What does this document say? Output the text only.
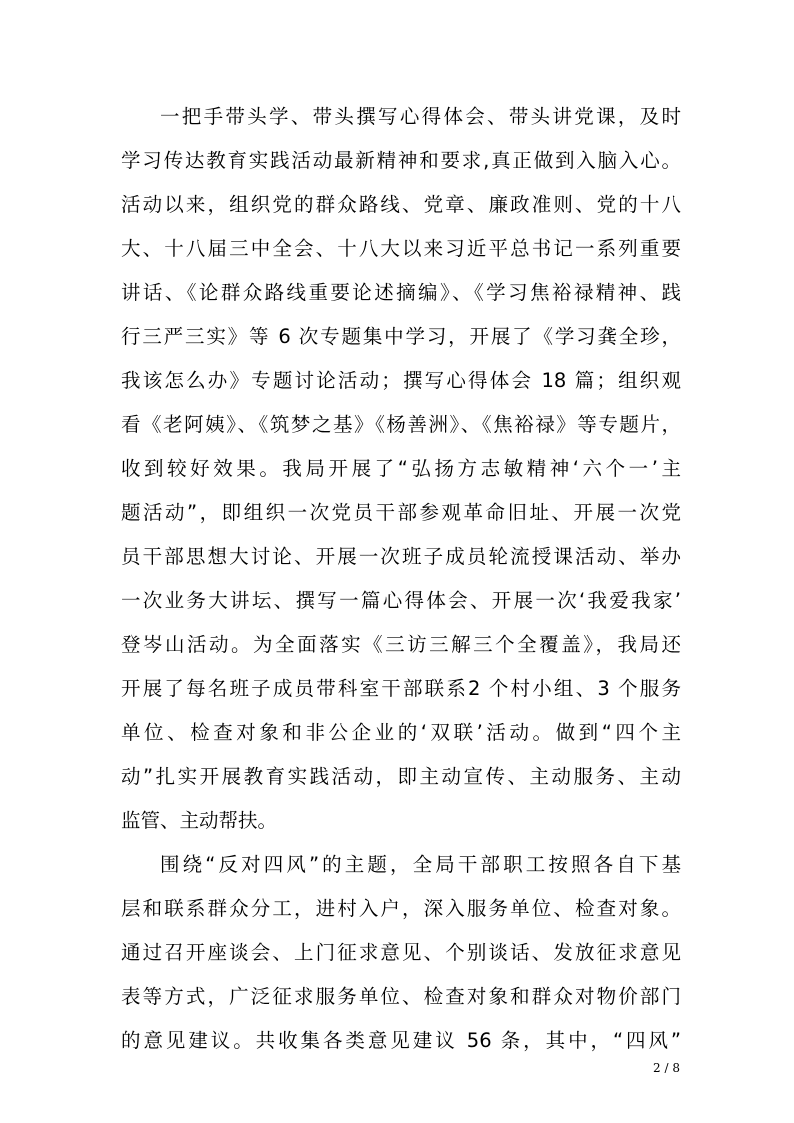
一把手带头学、带头撰写心得体会、带头讲党课，及时
学习传达教育实践活动最新精神和要求,真正做到入脑入心。
活动以来，组织党的群众路线、党章、廉政准则、党的十八
大、十八届三中全会、十八大以来习近平总书记一系列重要
讲话、《论群众路线重要论述摘编》、《学习焦裕禄精神、践
行三严三实》等 6 次专题集中学习，开展了《学习龚全珍，
我该怎么办》专题讨论活动；撰写心得体会 18 篇；组织观
看《老阿姨》、《筑梦之基》《杨善洲》、《焦裕禄》等专题片，
收到较好效果。我局开展了“弘扬方志敏精神‘六个一’主
题活动”，即组织一次党员干部参观革命旧址、开展一次党
员干部思想大讨论、开展一次班子成员轮流授课活动、举办
一次业务大讲坛、撰写一篇心得体会、开展一次‘我爱我家’
登岑山活动。为全面落实《三访三解三个全覆盖》，我局还
开展了每名班子成员带科室干部联系2 个村小组、3 个服务
单位、检查对象和非公企业的‘双联’活动。做到“四个主
动”扎实开展教育实践活动，即主动宣传、主动服务、主动
监管、主动帮扶。
围绕“反对四风”的主题，全局干部职工按照各自下基
层和联系群众分工，进村入户，深入服务单位、检查对象。
通过召开座谈会、上门征求意见、个别谈话、发放征求意见
表等方式，广泛征求服务单位、检查对象和群众对物价部门
的意见建议。共收集各类意见建议 56 条，其中，“四风”
2 / 8
